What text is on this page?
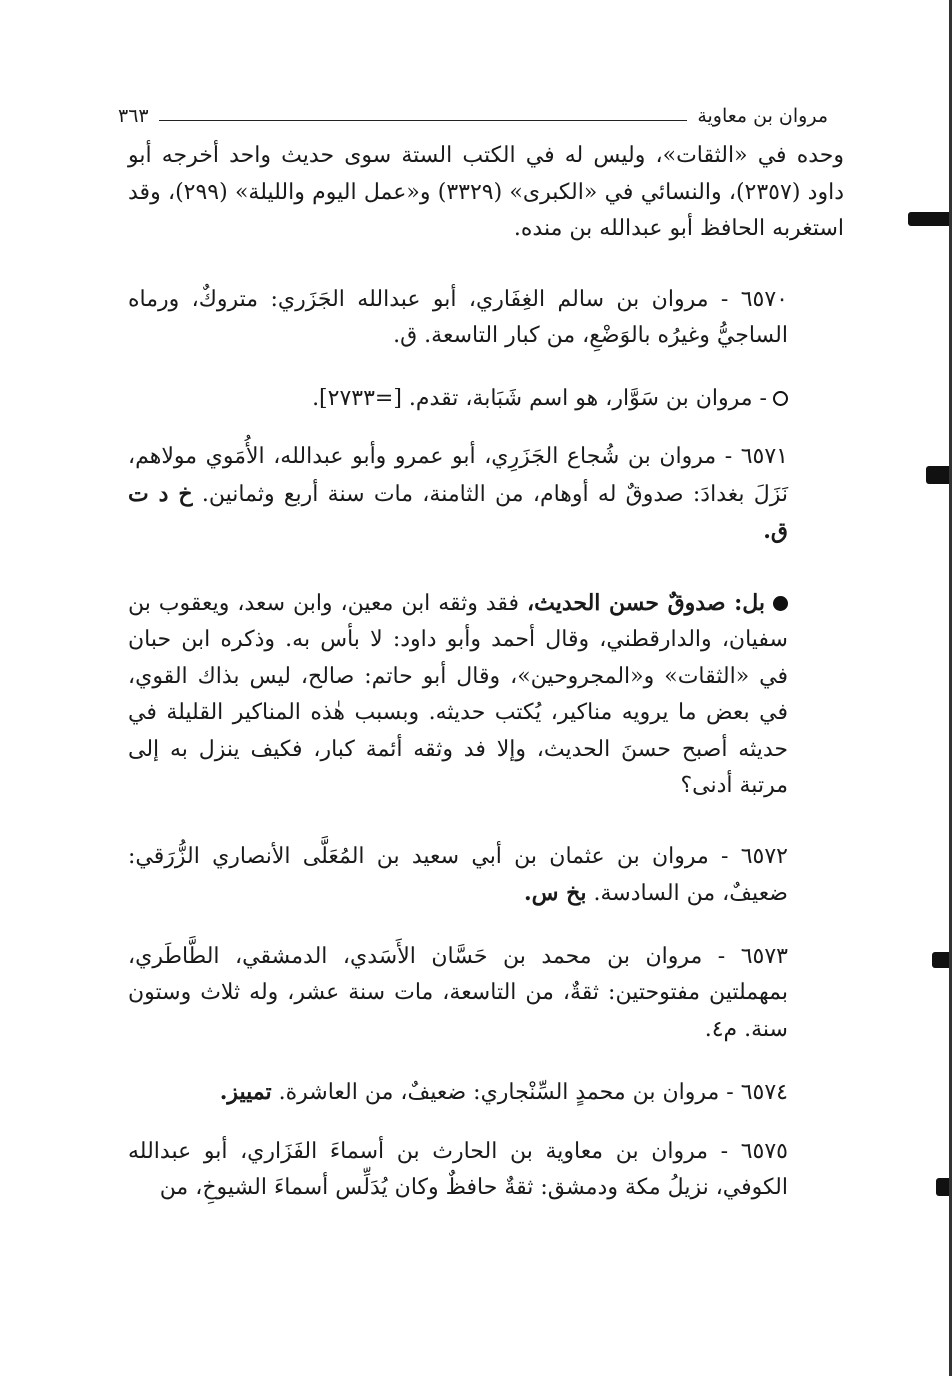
مروان بن معاوية
٣٦٣

وحده في «الثقات»، وليس له في الكتب الستة سوى حديث واحد أخرجه أبو داود (٢٣٥٧)، والنسائي في «الكبرى» (٣٣٢٩) و«عمل اليوم والليلة» (٢٩٩)، وقد استغربه الحافظ أبو عبدالله بن منده.

٦٥٧٠ - مروان بن سالم الغِفَاري، أبو عبدالله الجَزَري: متروكٌ، ورماه الساجيُّ وغيرُه بالوَضْعِ، من كبار التاسعة. ق.

- مروان بن سَوَّار، هو اسم شَبَابة، تقدم. [=٢٧٣٣].

٦٥٧١ - مروان بن شُجاع الجَزَرِي، أبو عمرو وأبو عبدالله، الأُمَوي مولاهم، نَزَلَ بغدادَ: صدوقٌ له أوهام، من الثامنة، مات سنة أربع وثمانين. خ د ت ق.

بل: صدوقٌ حسن الحديث، فقد وثقه ابن معين، وابن سعد، ويعقوب بن سفيان، والدارقطني، وقال أحمد وأبو داود: لا بأس به. وذكره ابن حبان في «الثقات» و«المجروحين»، وقال أبو حاتم: صالح، ليس بذاك القوي، في بعض ما يرويه مناكير، يُكتب حديثه. وبسبب هٰذه المناكير القليلة في حديثه أصبح حسنَ الحديث، وإلا فد وثقه أئمة كبار، فكيف ينزل به إلى مرتبة أدنى؟

٦٥٧٢ - مروان بن عثمان بن أبي سعيد بن المُعَلَّى الأنصاري الزُّرَقي: ضعيفٌ، من السادسة. بخ س.

٦٥٧٣ - مروان بن محمد بن حَسَّان الأَسَدي، الدمشقي، الطَّاطَري، بمهملتين مفتوحتين: ثقةٌ، من التاسعة، مات سنة عشر، وله ثلاث وستون سنة. م٤.

٦٥٧٤ - مروان بن محمدٍ السِّنْجاري: ضعيفٌ، من العاشرة. تمييز.

٦٥٧٥ - مروان بن معاوية بن الحارث بن أسماءَ الفَزَاري، أبو عبدالله الكوفي، نزيلُ مكة ودمشق: ثقةٌ حافظٌ وكان يُدَلِّس أسماءَ الشيوخِ، من
